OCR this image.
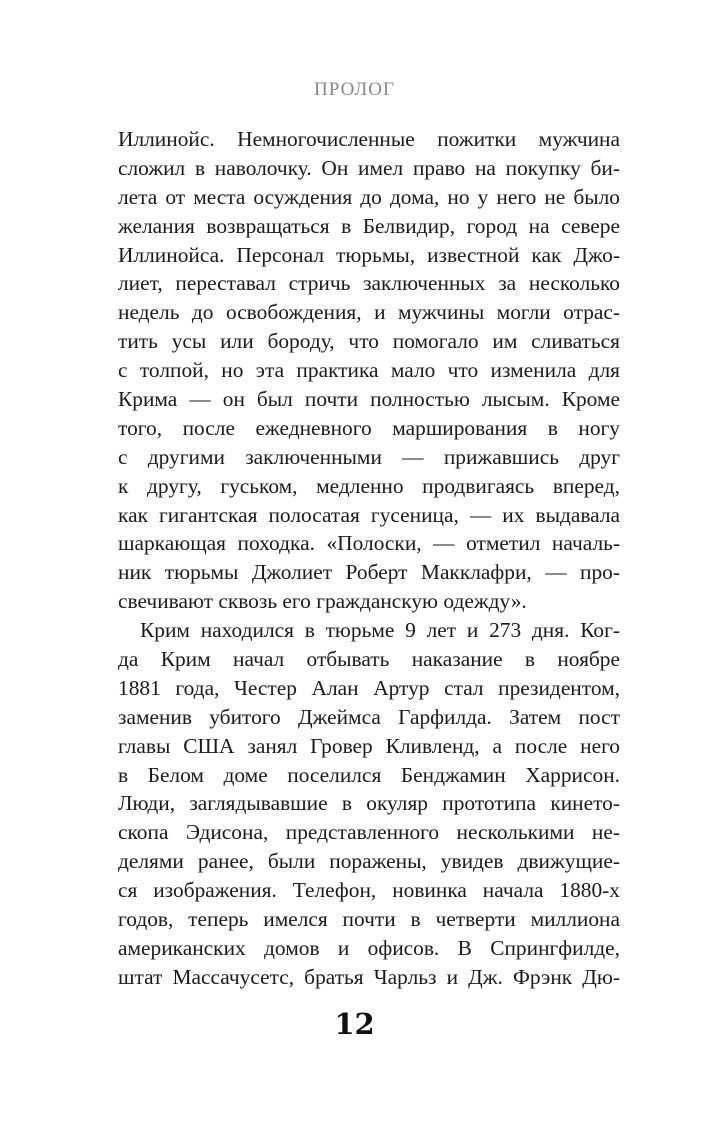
ПРОЛОГ
Иллинойс. Немногочисленные пожитки мужчина
сложил в наволочку. Он имел право на покупку би-
лета от места осуждения до дома, но у него не было
желания возвращаться в Белвидир, город на севере
Иллинойса. Персонал тюрьмы, известной как Джо-
лиет, переставал стричь заключенных за несколько
недель до освобождения, и мужчины могли отрас-
тить усы или бороду, что помогало им сливаться
с толпой, но эта практика мало что изменила для
Крима — он был почти полностью лысым. Кроме
того, после ежедневного марширования в ногу
с другими заключенными — прижавшись друг
к другу, гуськом, медленно продвигаясь вперед,
как гигантская полосатая гусеница, — их выдавала
шаркающая походка. «Полоски, — отметил началь-
ник тюрьмы Джолиет Роберт Макклафри, — про-
свечивают сквозь его гражданскую одежду».
Крим находился в тюрьме 9 лет и 273 дня. Ког-
да Крим начал отбывать наказание в ноябре
1881 года, Честер Алан Артур стал президентом,
заменив убитого Джеймса Гарфилда. Затем пост
главы США занял Гровер Кливленд, а после него
в Белом доме поселился Бенджамин Харрисон.
Люди, заглядывавшие в окуляр прототипа кинето-
скопа Эдисона, представленного несколькими не-
делями ранее, были поражены, увидев движущие-
ся изображения. Телефон, новинка начала 1880-х
годов, теперь имелся почти в четверти миллиона
американских домов и офисов. В Спрингфилде,
штат Массачусетс, братья Чарльз и Дж. Фрэнк Дю-
12
